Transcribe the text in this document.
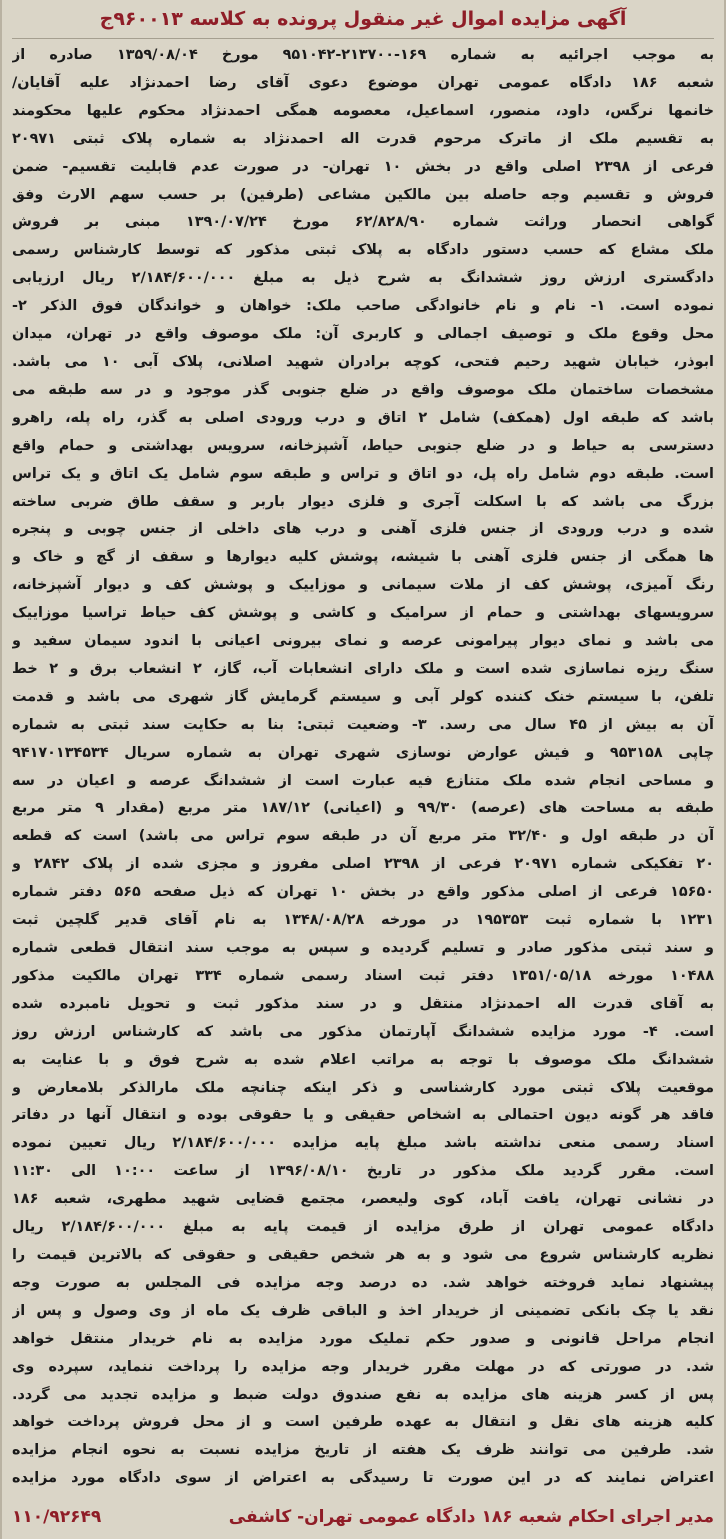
آگهی مزایده اموال غیر منقول پرونده به کلاسه ۹۶۰۰۱۳ج
به موجب اجرائیه به شماره ۱۶۹-۲۱۳۷۰۰-۹۵۱۰۴۲ مورخ ۱۳۵۹/۰۸/۰۴ صادره از
شعبه ۱۸۶ دادگاه عمومی تهران موضوع دعوی آقای رضا احمدنژاد علیه آقایان/
خانمها نرگس، داود، منصور، اسماعیل، معصومه همگی احمدنژاد محکوم علیها محکومند
به تقسیم ملک از ماترک مرحوم قدرت اله احمدنژاد به شماره پلاک ثبتی ۲۰۹۷۱
فرعی از ۲۳۹۸ اصلی واقع در بخش ۱۰ تهران- در صورت عدم قابلیت تقسیم- ضمن
فروش و تقسیم وجه حاصله بین مالکین مشاعی (طرفین) بر حسب سهم الارث وفق
گواهی انحصار وراثت شماره ۶۲/۸۲۸/۹۰ مورخ ۱۳۹۰/۰۷/۲۴ مبنی بر فروش
ملک مشاع که حسب دستور دادگاه به پلاک ثبتی مذکور که توسط کارشناس رسمی
دادگستری ارزش روز ششدانگ به شرح ذیل به مبلغ ۲/۱۸۴/۶۰۰/۰۰۰ ریال ارزیابی
نموده است. ۱- نام و نام خانوادگی صاحب ملک: خواهان و خواندگان فوق الذکر ۲-
محل وقوع ملک و توصیف اجمالی و کاربری آن: ملک موصوف واقع در تهران، میدان
ابوذر، خیابان شهید رحیم فتحی، کوچه برادران شهید اصلانی، پلاک آبی ۱۰ می باشد.
مشخصات ساختمان ملک موصوف واقع در ضلع جنوبی گذر موجود و در سه طبقه می
باشد که طبقه اول (همکف) شامل ۲ اتاق و درب ورودی اصلی به گذر، راه پله، راهرو
دسترسی به حیاط و در ضلع جنوبی حیاط، آشپزخانه، سرویس بهداشتی و حمام واقع
است. طبقه دوم شامل راه پل، دو اتاق و تراس و طبقه سوم شامل یک اتاق و یک تراس
بزرگ می باشد که با اسکلت آجری و فلزی دیوار باربر و سقف طاق ضربی ساخته
شده و درب ورودی از جنس فلزی آهنی و درب های داخلی از جنس چوبی و پنجره
ها همگی از جنس فلزی آهنی با شیشه، پوشش کلیه دیوارها و سقف از گچ و خاک و
رنگ آمیزی، پوشش کف از ملات سیمانی و موزاییک و پوشش کف و دیوار آشپزخانه،
سرویسهای بهداشتی و حمام از سرامیک و کاشی و پوشش کف حیاط تراسیا موزاییک
می باشد و نمای دیوار پیرامونی عرصه و نمای بیرونی اعیانی با اندود سیمان سفید و
سنگ ریزه نماسازی شده است و ملک دارای انشعابات آب، گاز، ۲ انشعاب برق و ۲ خط
تلفن، با سیستم خنک کننده کولر آبی و سیستم گرمایش گاز شهری می باشد و قدمت
آن به بیش از ۴۵ سال می رسد. ۳- وضعیت ثبتی: بنا به حکایت سند ثبتی به شماره
چاپی ۹۵۳۱۵۸ و فیش عوارض نوسازی شهری تهران به شماره سریال ۹۴۱۷۰۱۳۴۵۳۴
و مساحی انجام شده ملک متنازع فیه عبارت است از ششدانگ عرصه و اعیان در سه
طبقه به مساحت های (عرصه) ۹۹/۳۰ و (اعیانی) ۱۸۷/۱۲ متر مربع (مقدار ۹ متر مربع
آن در طبقه اول و ۳۲/۴۰ متر مربع آن در طبقه سوم تراس می باشد) است که قطعه
۲۰ تفکیکی شماره ۲۰۹۷۱ فرعی از ۲۳۹۸ اصلی مفروز و مجزی شده از پلاک ۲۸۴۲ و
۱۵۶۵۰ فرعی از اصلی مذکور واقع در بخش ۱۰ تهران که ذیل صفحه ۵۶۵ دفتر شماره
۱۲۳۱ با شماره ثبت ۱۹۵۳۵۳ در مورخه ۱۳۴۸/۰۸/۲۸ به نام آقای قدیر گلچین ثبت
و سند ثبتی مذکور صادر و تسلیم گردیده و سپس به موجب سند انتقال قطعی شماره
۱۰۴۸۸ مورخه ۱۳۵۱/۰۵/۱۸ دفتر ثبت اسناد رسمی شماره ۳۳۴ تهران مالکیت مذکور
به آقای قدرت اله احمدنژاد منتقل و در سند مذکور ثبت و تحویل نامبرده شده
است. ۴- مورد مزایده ششدانگ آپارتمان مذکور می باشد که کارشناس ارزش روز
ششدانگ ملک موصوف با توجه به مراتب اعلام شده به شرح فوق و با عنایت به
موقعیت پلاک ثبتی مورد کارشناسی و ذکر اینکه چنانچه ملک مارالذکر بلامعارض و
فاقد هر گونه دیون احتمالی به اشخاص حقیقی و یا حقوقی بوده و انتقال آنها در دفاتر
اسناد رسمی منعی نداشته باشد مبلغ پایه مزایده ۲/۱۸۴/۶۰۰/۰۰۰ ریال تعیین نموده
است. مقرر گردید ملک مذکور در تاریخ ۱۳۹۶/۰۸/۱۰ از ساعت ۱۰:۰۰ الی ۱۱:۳۰
در نشانی تهران، یافت آباد، کوی ولیعصر، مجتمع قضایی شهید مطهری، شعبه ۱۸۶
دادگاه عمومی تهران از طرق مزایده از قیمت پایه به مبلغ ۲/۱۸۴/۶۰۰/۰۰۰ ریال
نظریه کارشناس شروع می شود و به هر شخص حقیقی و حقوقی که بالاترین قیمت را
پیشنهاد نماید فروخته خواهد شد. ده درصد وجه مزایده فی المجلس به صورت وجه
نقد یا چک بانکی تضمینی از خریدار اخذ و الباقی ظرف یک ماه از وی وصول و پس از
انجام مراحل قانونی و صدور حکم تملیک مورد مزایده به نام خریدار منتقل خواهد
شد. در صورتی که در مهلت مقرر خریدار وجه مزایده را پرداخت ننماید، سپرده وی
پس از کسر هزینه های مزایده به نفع صندوق دولت ضبط و مزایده تجدید می گردد.
کلیه هزینه های نقل و انتقال به عهده طرفین است و از محل فروش پرداخت خواهد
شد. طرفین می توانند ظرف یک هفته از تاریخ مزایده نسبت به نحوه انجام مزایده
اعتراض نمایند که در این صورت تا رسیدگی به اعتراض از سوی دادگاه مورد مزایده
مدیر اجرای احکام شعبه ۱۸۶ دادگاه عمومی تهران- کاشفی
۱۱۰/۹۲۶۴۹
